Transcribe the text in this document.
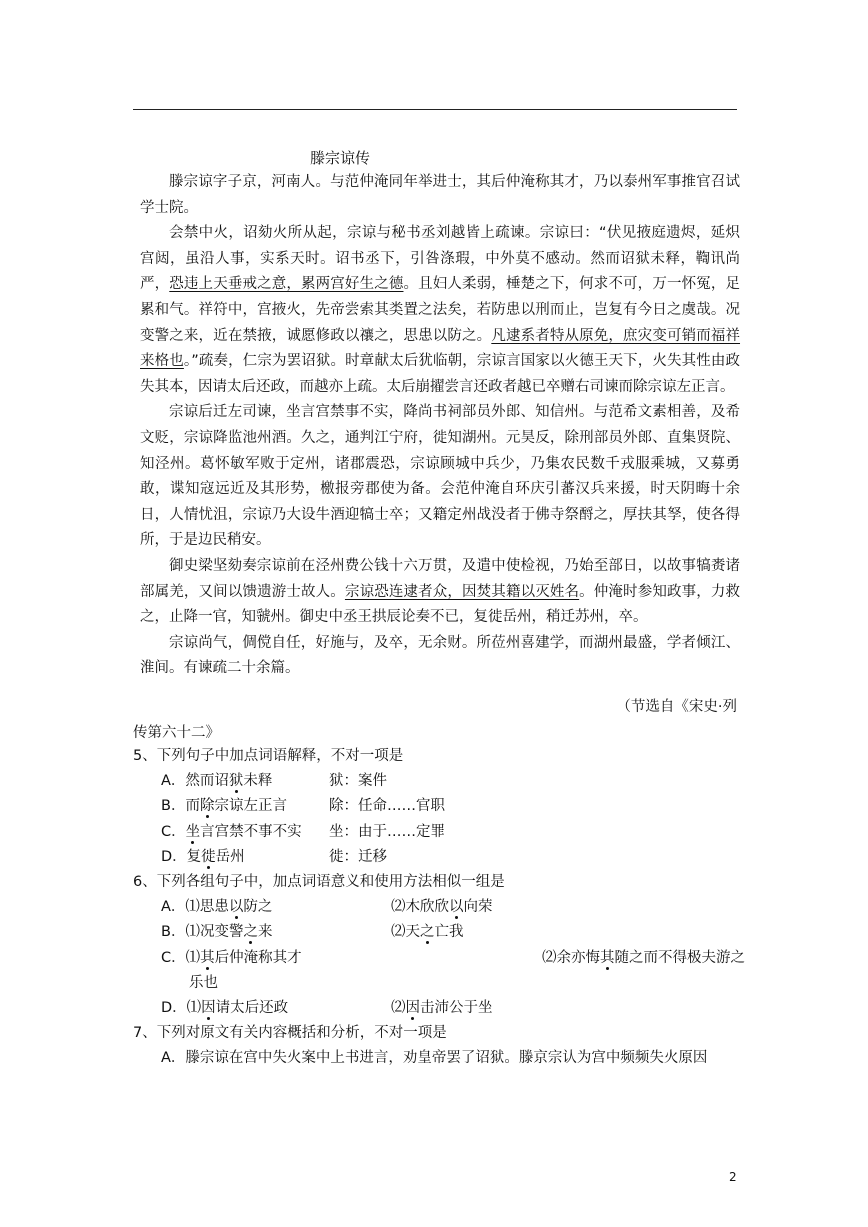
滕宗谅传

滕宗谅字子京，河南人。与范仲淹同年举进士，其后仲淹称其才，乃以泰州军事推官召试学士院。

会禁中火，诏劾火所从起，宗谅与秘书丞刘越皆上疏谏。宗谅曰：“伏见掖庭遗烬，延炽宫闼，虽沿人事，实系天时。诏书丞下，引咎涤瑕，中外莫不感动。然而诏狱未释，鞫讯尚严，恐违上天垂戒之意，累两宫好生之德。且妇人柔弱，棰楚之下，何求不可，万一怀冤，足累和气。祥符中，宫掖火，先帝尝索其类置之法矣，若防患以刑而止，岂复有今日之虞哉。况变警之来，近在禁掖，诚愿修政以禳之，思患以防之。凡逮系者特从原免，庶灾变可销而福祥来格也。”疏奏，仁宗为罢诏狱。时章献太后犹临朝，宗谅言国家以火德王天下，火失其性由政失其本，因请太后还政，而越亦上疏。太后崩擢尝言还政者越已卒赠右司谏而除宗谅左正言。

宗谅后迁左司谏，坐言宫禁事不实，降尚书祠部员外郎、知信州。与范希文素相善，及希文贬，宗谅降监池州酒。久之，通判江宁府，徙知湖州。元昊反，除刑部员外郎、直集贤院、知泾州。葛怀敏军败于定州，诸郡震恐，宗谅顾城中兵少，乃集农民数千戎服乘城，又募勇敢，谍知寇远近及其形势，檄报旁郡使为备。会范仲淹自环庆引蕃汉兵来援，时天阴晦十余日，人情忧沮，宗谅乃大设牛酒迎犒士卒；又籍定州战没者于佛寺祭酹之，厚扶其孥，使各得所，于是边民稍安。

御史梁坚劾奏宗谅前在泾州费公钱十六万贯，及遣中使检视，乃始至部日，以故事犒赉诸部属羌，又间以馈遗游士故人。宗谅恐连逮者众，因焚其籍以灭姓名。仲淹时参知政事，力救之，止降一官，知虢州。御史中丞王拱辰论奏不已，复徙岳州，稍迁苏州，卒。

宗谅尚气，倜傥自任，好施与，及卒，无余财。所莅州喜建学，而湖州最盛，学者倾江、淮间。有谏疏二十余篇。

（节选自《宋史·列
传第六十二》
5、下列句子中加点词语解释，不对一项是
A．然而诏狱未释	狱：案件
B．而除宗谅左正言	除：任命……官职
C．坐言宫禁不事不实	坐：由于……定罪
D．复徙岳州	徙：迁移
6、下列各组句子中，加点词语意义和使用方法相似一组是
A．⑴思患以防之	⑵木欣欣以向荣
B．⑴况变警之来	⑵天之亡我
C．⑴其后仲淹称其才	⑵余亦悔其随之而不得极夫游之
乐也
D．⑴因请太后还政	⑵因击沛公于坐
7、下列对原文有关内容概括和分析，不对一项是
A．滕宗谅在宫中失火案中上书进言，劝皇帝罢了诏狱。滕京宗认为宫中频频失火原因
2
